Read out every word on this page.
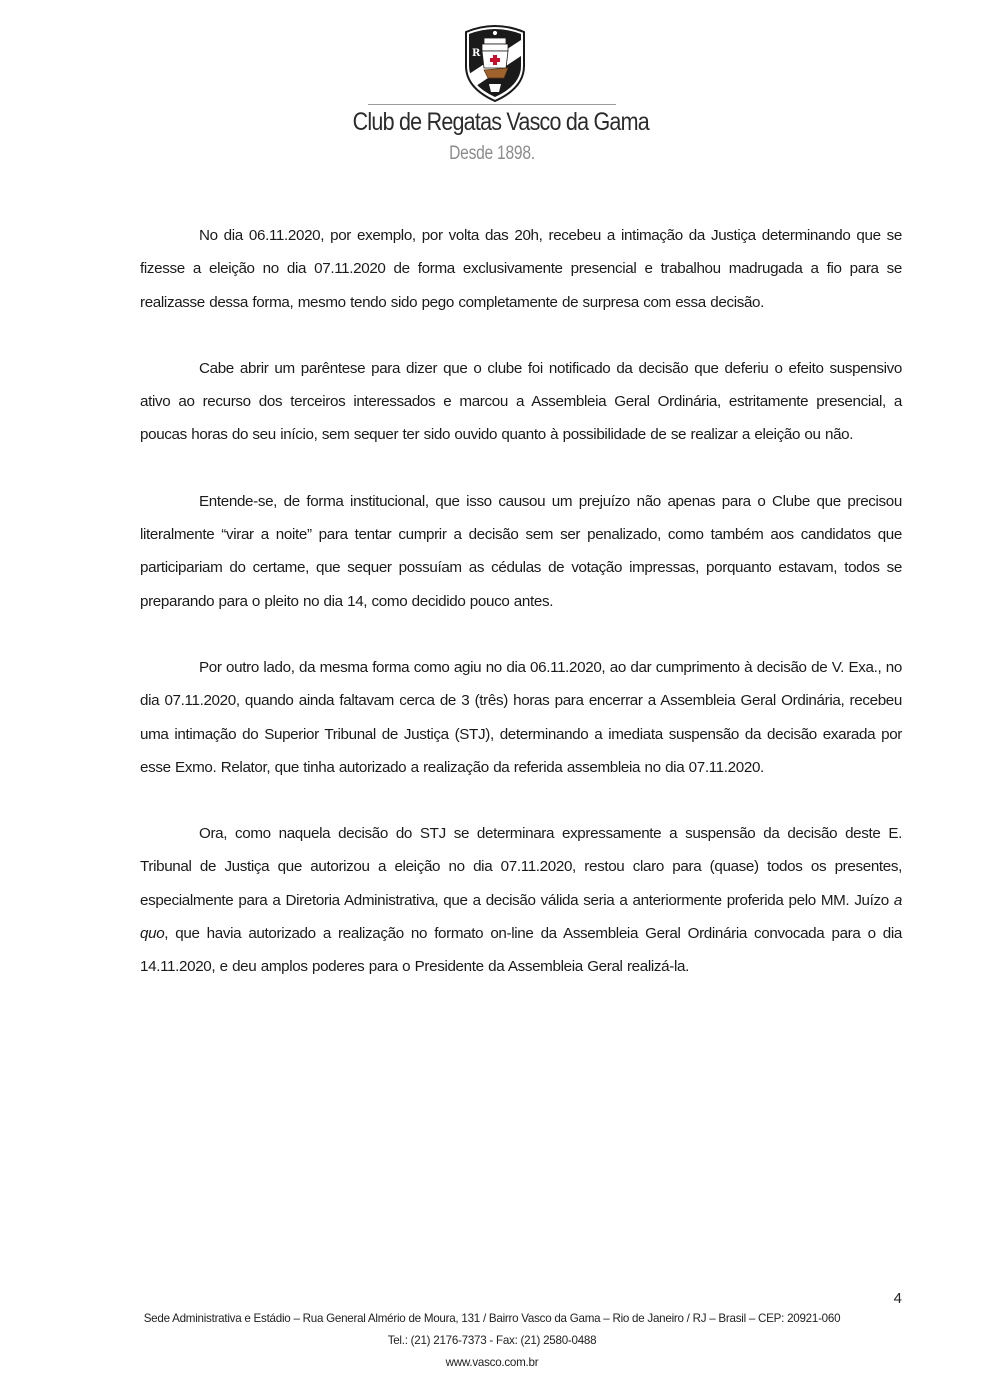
R
Club de Regatas Vasco da Gama
Desde 1898.

No dia 06.11.2020, por exemplo, por volta das 20h, recebeu a intimação da Justiça determinando que se fizesse a eleição no dia 07.11.2020 de forma exclusivamente presencial e trabalhou madrugada a fio para se realizasse dessa forma, mesmo tendo sido pego completamente de surpresa com essa decisão.

Cabe abrir um parêntese para dizer que o clube foi notificado da decisão que deferiu o efeito suspensivo ativo ao recurso dos terceiros interessados e marcou a Assembleia Geral Ordinária, estritamente presencial, a poucas horas do seu início, sem sequer ter sido ouvido quanto à possibilidade de se realizar a eleição ou não.

Entende-se, de forma institucional, que isso causou um prejuízo não apenas para o Clube que precisou literalmente “virar a noite” para tentar cumprir a decisão sem ser penalizado, como também aos candidatos que participariam do certame, que sequer possuíam as cédulas de votação impressas, porquanto estavam, todos se preparando para o pleito no dia 14, como decidido pouco antes.

Por outro lado, da mesma forma como agiu no dia 06.11.2020, ao dar cumprimento à decisão de V. Exa., no dia 07.11.2020, quando ainda faltavam cerca de 3 (três) horas para encerrar a Assembleia Geral Ordinária, recebeu uma intimação do Superior Tribunal de Justiça (STJ), determinando a imediata suspensão da decisão exarada por esse Exmo. Relator, que tinha autorizado a realização da referida assembleia no dia 07.11.2020.

Ora, como naquela decisão do STJ se determinara expressamente a suspensão da decisão deste E. Tribunal de Justiça que autorizou a eleição no dia 07.11.2020, restou claro para (quase) todos os presentes, especialmente para a Diretoria Administrativa, que a decisão válida seria a anteriormente proferida pelo MM. Juízo a quo, que havia autorizado a realização no formato on-line da Assembleia Geral Ordinária convocada para o dia 14.11.2020, e deu amplos poderes para o Presidente da Assembleia Geral realizá-la.

4
Sede Administrativa e Estádio – Rua General Almério de Moura, 131 / Bairro Vasco da Gama – Rio de Janeiro / RJ – Brasil – CEP: 20921-060
Tel.: (21) 2176-7373 - Fax: (21) 2580-0488
www.vasco.com.br
